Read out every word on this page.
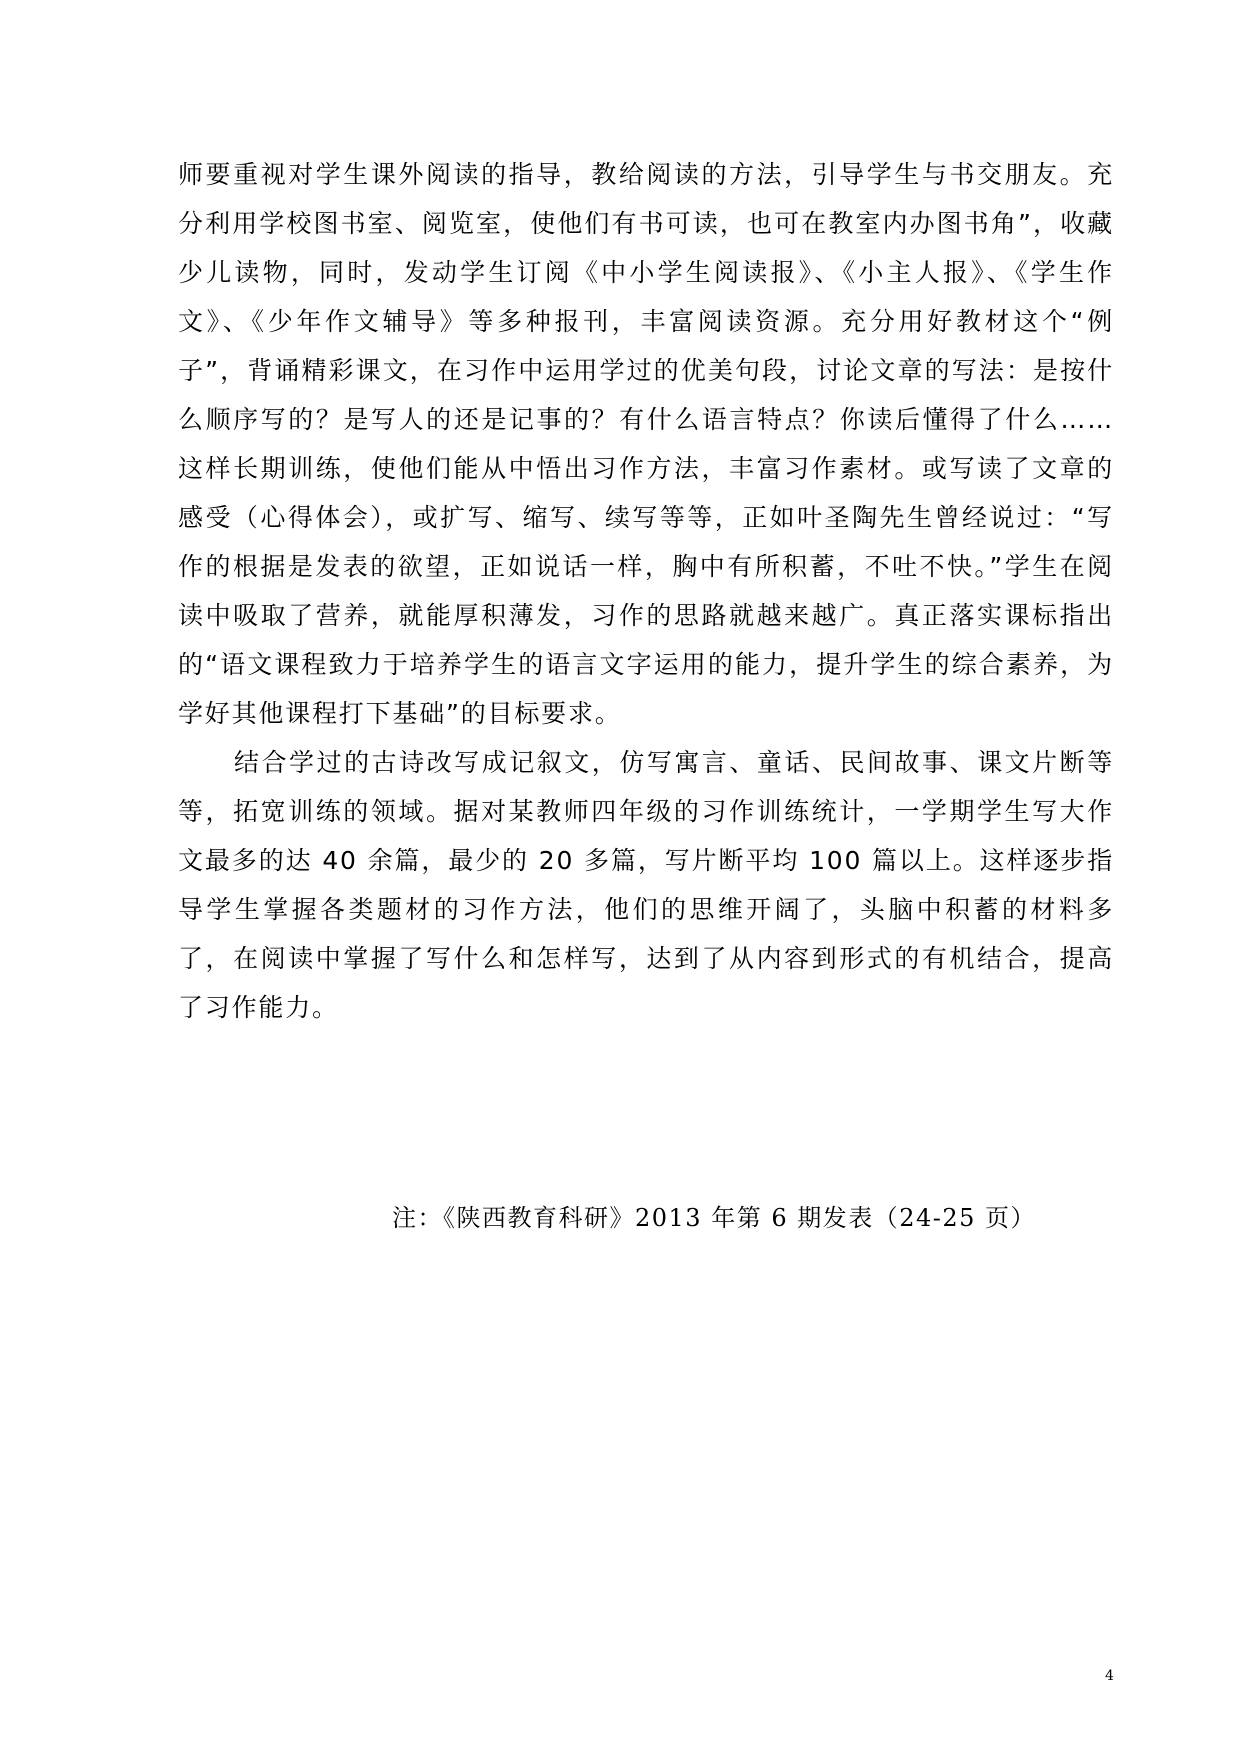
师要重视对学生课外阅读的指导，教给阅读的方法，引导学生与书交朋友。充分利用学校图书室、阅览室，使他们有书可读，也可在教室内办图书角”，收藏少儿读物，同时，发动学生订阅《中小学生阅读报》、《小主人报》、《学生作文》、《少年作文辅导》等多种报刊，丰富阅读资源。充分用好教材这个“例子”，背诵精彩课文，在习作中运用学过的优美句段，讨论文章的写法：是按什么顺序写的？是写人的还是记事的？有什么语言特点？你读后懂得了什么……这样长期训练，使他们能从中悟出习作方法，丰富习作素材。或写读了文章的感受（心得体会），或扩写、缩写、续写等等，正如叶圣陶先生曾经说过：“写作的根据是发表的欲望，正如说话一样，胸中有所积蓄，不吐不快。”学生在阅读中吸取了营养，就能厚积薄发，习作的思路就越来越广。真正落实课标指出的“语文课程致力于培养学生的语言文字运用的能力，提升学生的综合素养，为学好其他课程打下基础”的目标要求。

结合学过的古诗改写成记叙文，仿写寓言、童话、民间故事、课文片断等等，拓宽训练的领域。据对某教师四年级的习作训练统计，一学期学生写大作文最多的达 40 余篇，最少的 20 多篇，写片断平均 100 篇以上。这样逐步指导学生掌握各类题材的习作方法，他们的思维开阔了，头脑中积蓄的材料多了，在阅读中掌握了写什么和怎样写，达到了从内容到形式的有机结合，提高了习作能力。

注：《陕西教育科研》2013 年第 6 期发表（24-25 页）
4
